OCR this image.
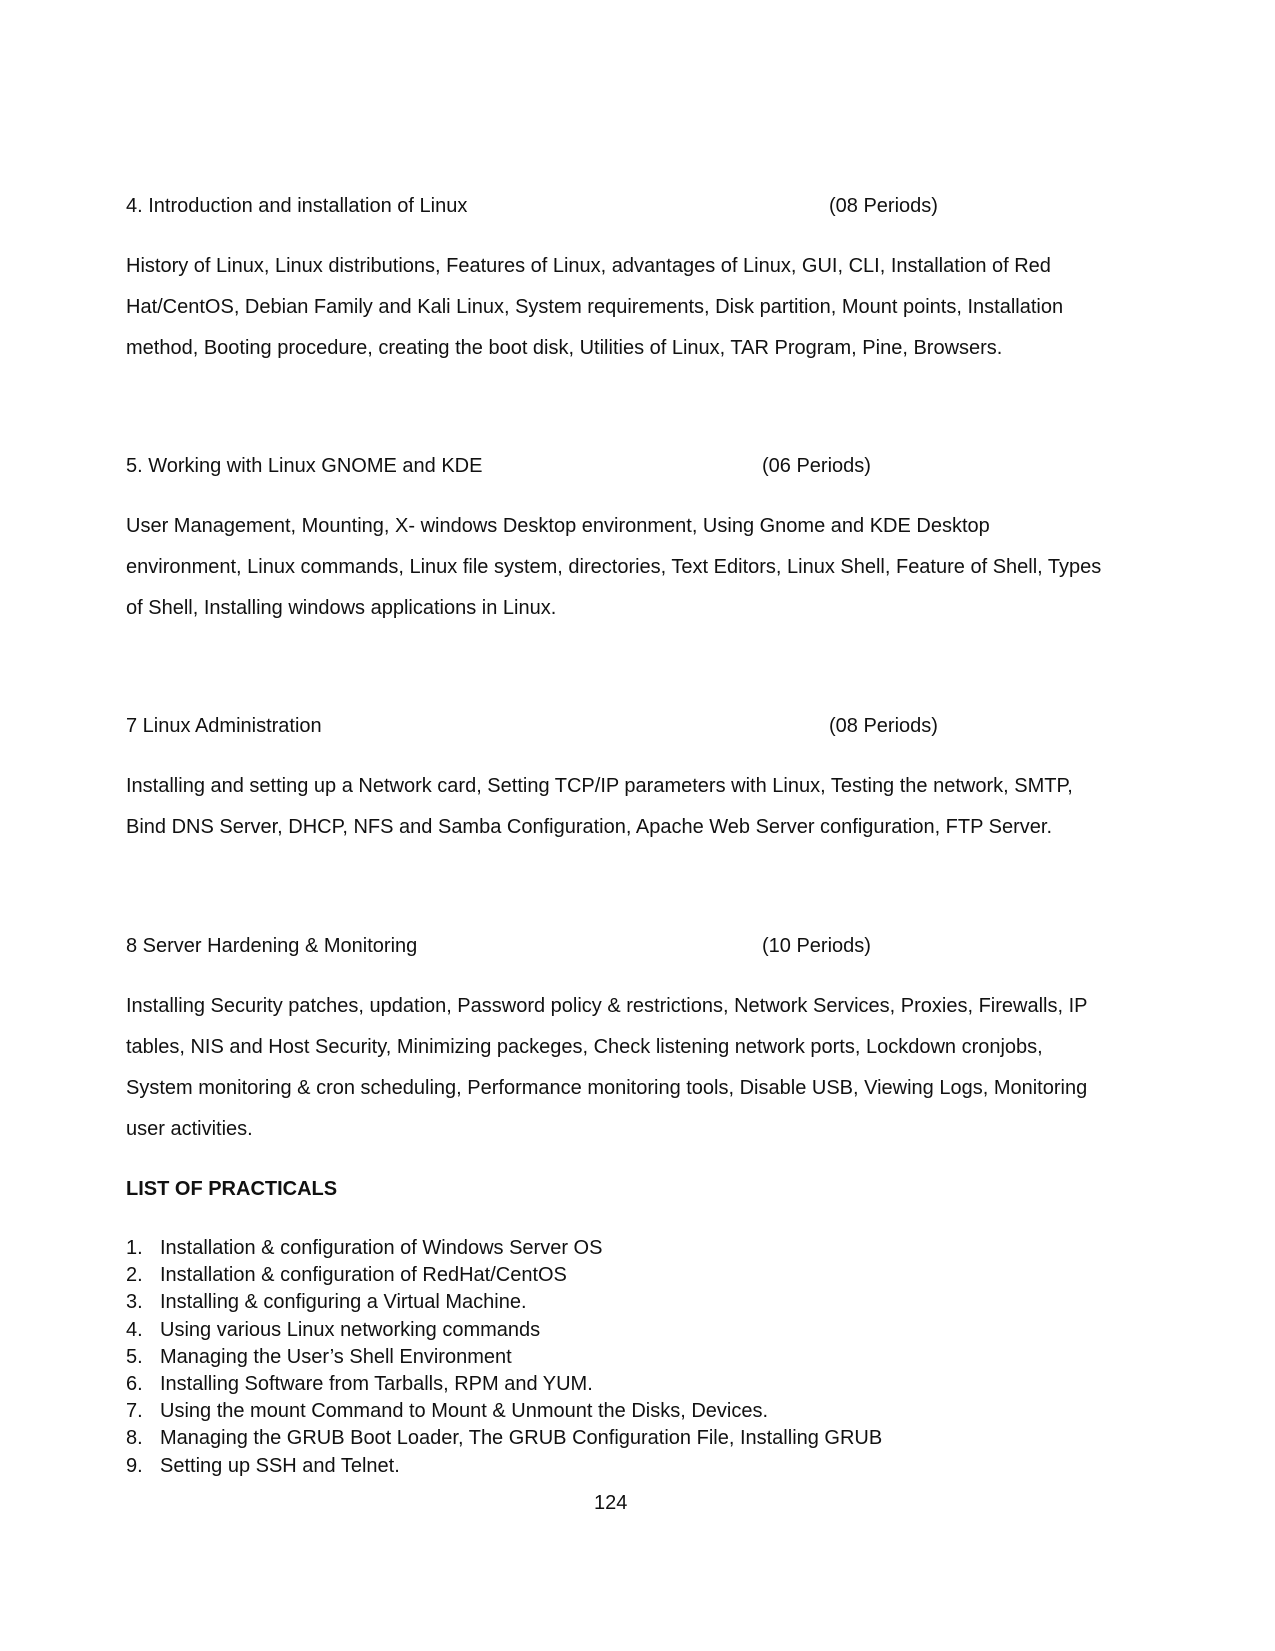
4. Introduction and installation of Linux	(08 Periods)
History of Linux, Linux distributions, Features of Linux, advantages of Linux, GUI, CLI, Installation of Red
Hat/CentOS, Debian Family and Kali Linux, System requirements, Disk partition, Mount points, Installation
method, Booting procedure, creating the boot disk, Utilities of Linux, TAR Program, Pine, Browsers.
5. Working with Linux GNOME and KDE	(06 Periods)
User Management, Mounting, X- windows Desktop environment, Using Gnome and KDE Desktop
environment, Linux commands, Linux file system, directories, Text Editors, Linux Shell, Feature of Shell, Types
of Shell, Installing windows applications in Linux.
7 Linux Administration	(08 Periods)
Installing and setting up a Network card, Setting TCP/IP parameters with Linux, Testing the network, SMTP,
Bind DNS Server, DHCP, NFS and Samba Configuration, Apache Web Server configuration, FTP Server.
8 Server Hardening & Monitoring	(10 Periods)
Installing Security patches, updation, Password policy & restrictions, Network Services, Proxies, Firewalls, IP
tables, NIS and Host Security, Minimizing packeges, Check listening network ports, Lockdown cronjobs,
System monitoring & cron scheduling, Performance monitoring tools, Disable USB, Viewing Logs, Monitoring
user activities.
LIST OF PRACTICALS
1. Installation & configuration of Windows Server OS
2. Installation & configuration of RedHat/CentOS
3. Installing & configuring a Virtual Machine.
4. Using various Linux networking commands
5. Managing the User’s Shell Environment
6. Installing Software from Tarballs, RPM and YUM.
7. Using the mount Command to Mount & Unmount the Disks, Devices.
8. Managing the GRUB Boot Loader, The GRUB Configuration File, Installing GRUB
9. Setting up SSH and Telnet.
124
